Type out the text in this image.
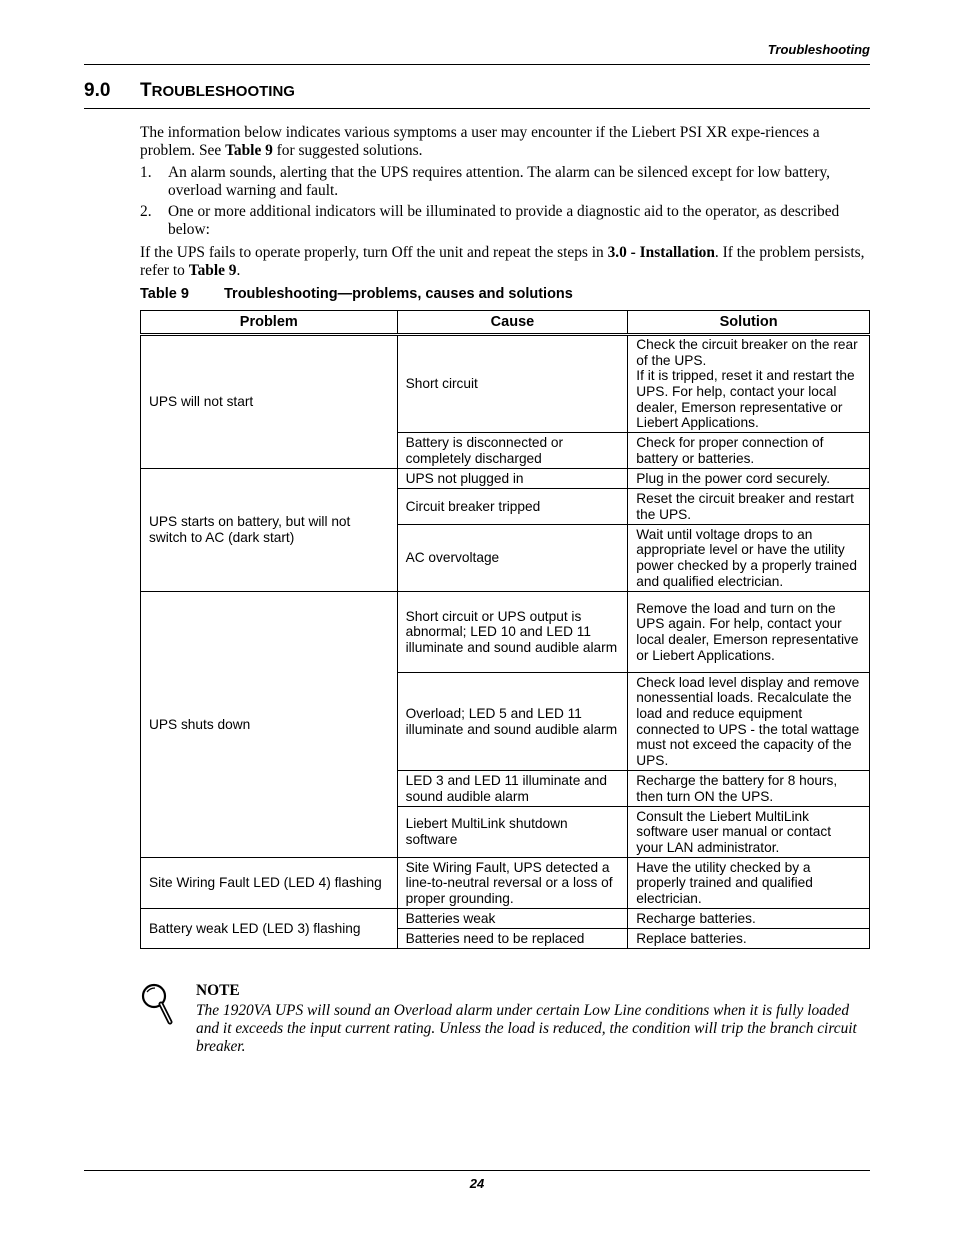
Troubleshooting
9.0 TROUBLESHOOTING
The information below indicates various symptoms a user may encounter if the Liebert PSI XR expe-riences a problem. See Table 9 for suggested solutions.
1. An alarm sounds, alerting that the UPS requires attention. The alarm can be silenced except for low battery, overload warning and fault.
2. One or more additional indicators will be illuminated to provide a diagnostic aid to the operator, as described below:
If the UPS fails to operate properly, turn Off the unit and repeat the steps in 3.0 - Installation. If the problem persists, refer to Table 9.
Table 9 Troubleshooting—problems, causes and solutions
Problem	Cause	Solution
UPS will not start	Short circuit	Check the circuit breaker on the rear of the UPS.
If it is tripped, reset it and restart the UPS. For help, contact your local dealer, Emerson representative or Liebert Applications.
	Battery is disconnected or completely discharged	Check for proper connection of battery or batteries.
UPS starts on battery, but will not switch to AC (dark start)	UPS not plugged in	Plug in the power cord securely.
	Circuit breaker tripped	Reset the circuit breaker and restart the UPS.
	AC overvoltage	Wait until voltage drops to an appropriate level or have the utility power checked by a properly trained and qualified electrician.
UPS shuts down	Short circuit or UPS output is abnormal; LED 10 and LED 11 illuminate and sound audible alarm	Remove the load and turn on the UPS again. For help, contact your local dealer, Emerson representative or Liebert Applications.
	Overload; LED 5 and LED 11 illuminate and sound audible alarm	Check load level display and remove nonessential loads. Recalculate the load and reduce equipment connected to UPS - the total wattage must not exceed the capacity of the UPS.
	LED 3 and LED 11 illuminate and sound audible alarm	Recharge the battery for 8 hours, then turn ON the UPS.
	Liebert MultiLink shutdown software	Consult the Liebert MultiLink software user manual or contact your LAN administrator.
Site Wiring Fault LED (LED 4) flashing	Site Wiring Fault, UPS detected a line-to-neutral reversal or a loss of proper grounding.	Have the utility checked by a properly trained and qualified electrician.
Battery weak LED (LED 3) flashing	Batteries weak	Recharge batteries.
	Batteries need to be replaced	Replace batteries.
NOTE
The 1920VA UPS will sound an Overload alarm under certain Low Line conditions when it is fully loaded and it exceeds the input current rating. Unless the load is reduced, the condition will trip the branch circuit breaker.
24
